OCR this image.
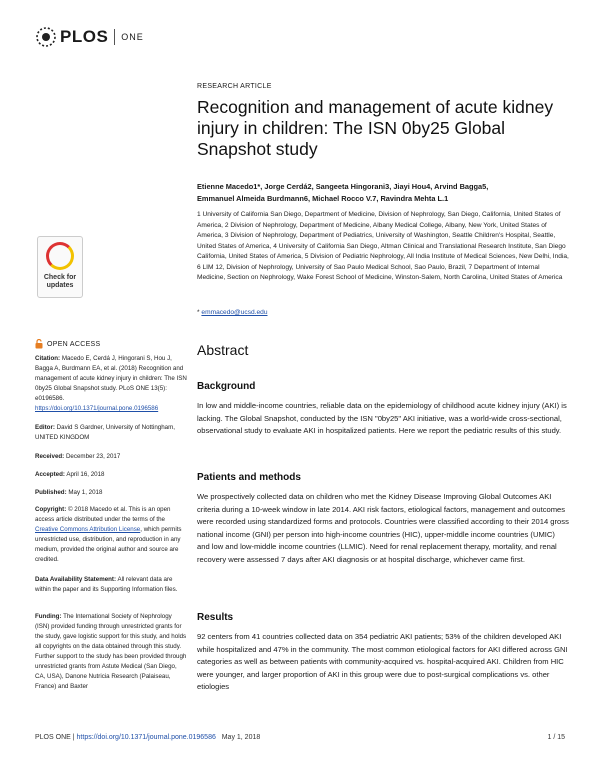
PLOS ONE
Check for updates
OPEN ACCESS
Citation: Macedo E, Cerdá J, Hingorani S, Hou J, Bagga A, Burdmann EA, et al. (2018) Recognition and management of acute kidney injury in children: The ISN 0by25 Global Snapshot study. PLoS ONE 13(5): e0196586. https://doi.org/10.1371/journal.pone.0196586
Editor: David S Gardner, University of Nottingham, UNITED KINGDOM
Received: December 23, 2017
Accepted: April 16, 2018
Published: May 1, 2018
Copyright: © 2018 Macedo et al. This is an open access article distributed under the terms of the Creative Commons Attribution License, which permits unrestricted use, distribution, and reproduction in any medium, provided the original author and source are credited.
Data Availability Statement: All relevant data are within the paper and its Supporting Information files.
Funding: The International Society of Nephrology (ISN) provided funding through unrestricted grants for the study, gave logistic support for this study, and holds all copyrights on the data obtained through this study. Further support to the study has been provided through unrestricted grants from Astute Medical (San Diego, CA, USA), Danone Nutricia Research (Palaiseau, France) and Baxter
RESEARCH ARTICLE
Recognition and management of acute kidney injury in children: The ISN 0by25 Global Snapshot study
Etienne Macedo1*, Jorge Cerdá2, Sangeeta Hingorani3, Jiayi Hou4, Arvind Bagga5,
Emmanuel Almeida Burdmann6, Michael Rocco V.7, Ravindra Mehta L.1
1 University of California San Diego, Department of Medicine, Division of Nephrology, San Diego, California, United States of America, 2 Division of Nephrology, Department of Medicine, Albany Medical College, Albany, New York, United States of America, 3 Division of Nephrology, Department of Pediatrics, University of Washington, Seattle Children's Hospital, Seattle, United States of America, 4 University of California San Diego, Altman Clinical and Translational Research Institute, San Diego California, United States of America, 5 Division of Pediatric Nephrology, All India Institute of Medical Sciences, New Delhi, India, 6 LIM 12, Division of Nephrology, University of Sao Paulo Medical School, Sao Paulo, Brazil, 7 Department of Internal Medicine, Section on Nephrology, Wake Forest School of Medicine, Winston-Salem, North Carolina, United States of America
* emmacedo@ucsd.edu
Abstract
Background
In low and middle-income countries, reliable data on the epidemiology of childhood acute kidney injury (AKI) is lacking. The Global Snapshot, conducted by the ISN "0by25" AKI initiative, was a world-wide cross-sectional, observational study to evaluate AKI in hospitalized patients. Here we report the pediatric results of this study.
Patients and methods
We prospectively collected data on children who met the Kidney Disease Improving Global Outcomes AKI criteria during a 10-week window in late 2014. AKI risk factors, etiological factors, management and outcomes were recorded using standardized forms and protocols. Countries were classified according to their 2014 gross national income (GNI) per person into high-income countries (HIC), upper-middle income countries (UMIC) and low and low-middle income countries (LLMIC). Need for renal replacement therapy, mortality, and renal recovery were assessed 7 days after AKI diagnosis or at hospital discharge, whichever came first.
Results
92 centers from 41 countries collected data on 354 pediatric AKI patients; 53% of the children developed AKI while hospitalized and 47% in the community. The most common etiological factors for AKI differed across GNI categories as well as between patients with community-acquired vs. hospital-acquired AKI. Children from HIC were younger, and larger proportion of AKI in this group were due to post-surgical complications vs. other etiologies
PLOS ONE | https://doi.org/10.1371/journal.pone.0196586 May 1, 2018	1 / 15
